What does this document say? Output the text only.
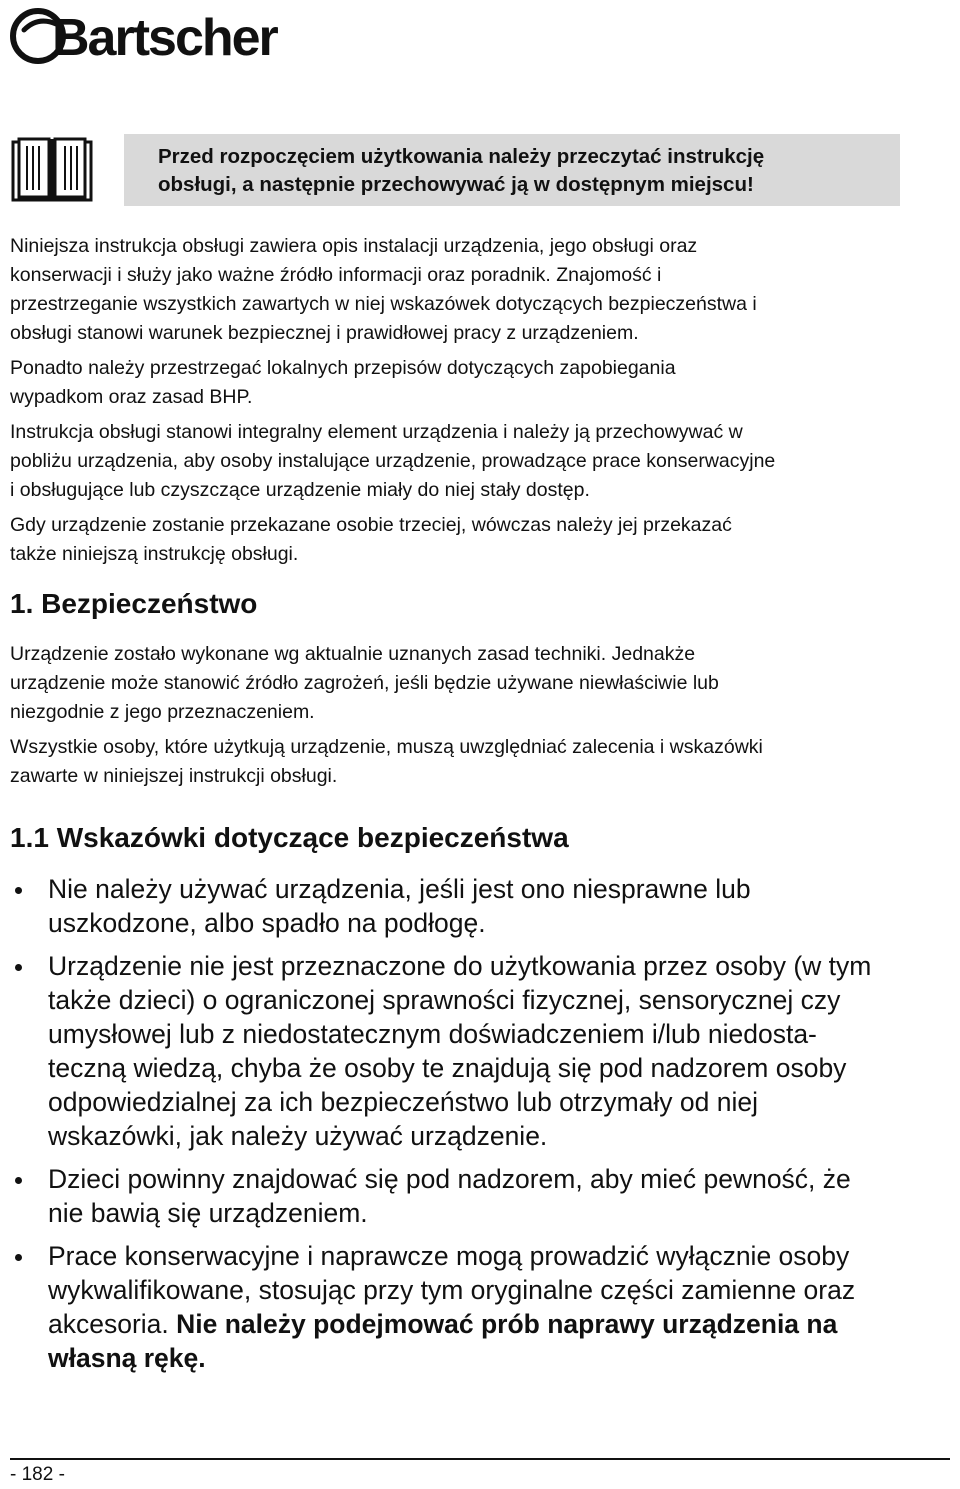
Bartscher
Przed rozpoczęciem użytkowania należy przeczytać instrukcję
obsługi, a następnie przechowywać ją w dostępnym miejscu!

Niniejsza instrukcja obsługi zawiera opis instalacji urządzenia, jego obsługi oraz
konserwacji i służy jako ważne źródło informacji oraz poradnik. Znajomość i
przestrzeganie wszystkich zawartych w niej wskazówek dotyczących bezpieczeństwa i
obsługi stanowi warunek bezpiecznej i prawidłowej pracy z urządzeniem.

Ponadto należy przestrzegać lokalnych przepisów dotyczących zapobiegania
wypadkom oraz zasad BHP.

Instrukcja obsługi stanowi integralny element urządzenia i należy ją przechowywać w
pobliżu urządzenia, aby osoby instalujące urządzenie, prowadzące prace konserwacyjne
i obsługujące lub czyszczące urządzenie miały do niej stały dostęp.

Gdy urządzenie zostanie przekazane osobie trzeciej, wówczas należy jej przekazać
także niniejszą instrukcję obsługi.

1. Bezpieczeństwo

Urządzenie zostało wykonane wg aktualnie uznanych zasad techniki. Jednakże
urządzenie może stanowić źródło zagrożeń, jeśli będzie używane niewłaściwie lub
niezgodnie z jego przeznaczeniem.

Wszystkie osoby, które użytkują urządzenie, muszą uwzględniać zalecenia i wskazówki
zawarte w niniejszej instrukcji obsługi.

1.1 Wskazówki dotyczące bezpieczeństwa
Nie należy używać urządzenia, jeśli jest ono niesprawne lub
uszkodzone, albo spadło na podłogę.
Urządzenie nie jest przeznaczone do użytkowania przez osoby (w tym
także dzieci) o ograniczonej sprawności fizycznej, sensorycznej czy
umysłowej lub z niedostatecznym doświadczeniem i/lub niedosta-
teczną wiedzą, chyba że osoby te znajdują się pod nadzorem osoby
odpowiedzialnej za ich bezpieczeństwo lub otrzymały od niej
wskazówki, jak należy używać urządzenie.
Dzieci powinny znajdować się pod nadzorem, aby mieć pewność, że
nie bawią się urządzeniem.
Prace konserwacyjne i naprawcze mogą prowadzić wyłącznie osoby
wykwalifikowane, stosując przy tym oryginalne części zamienne oraz
akcesoria. Nie należy podejmować prób naprawy urządzenia na
własną rękę.
- 182 -
